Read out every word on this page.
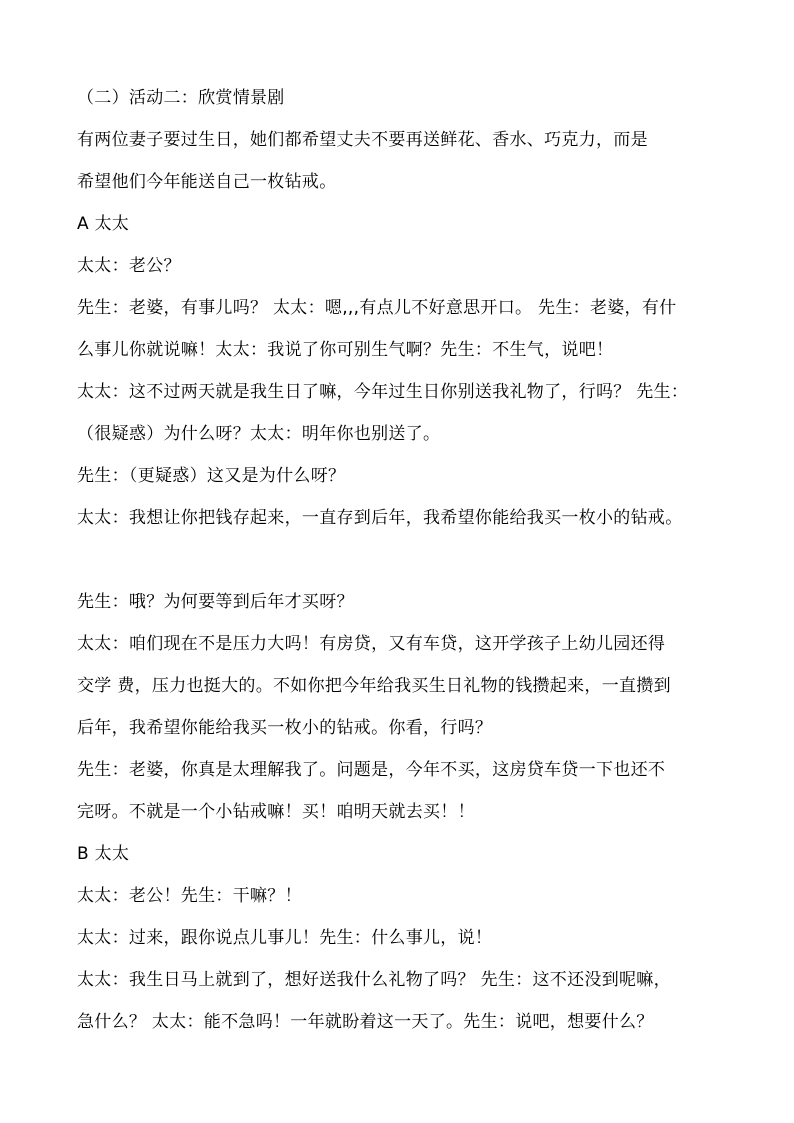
（二）活动二：欣赏情景剧
有两位妻子要过生日，她们都希望丈夫不要再送鲜花、香水、巧克力，而是
希望他们今年能送自己一枚钻戒。
A 太太
太太：老公？
先生：老婆，有事儿吗？ 太太：嗯,,,有点儿不好意思开口。 先生：老婆，有什
么事儿你就说嘛！太太：我说了你可别生气啊？先生：不生气，说吧！
太太：这不过两天就是我生日了嘛，今年过生日你别送我礼物了，行吗？ 先生：
（很疑惑）为什么呀？太太：明年你也别送了。
先生：（更疑惑）这又是为什么呀？
太太：我想让你把钱存起来，一直存到后年，我希望你能给我买一枚小的钻戒。
先生：哦？为何要等到后年才买呀？
太太：咱们现在不是压力大吗！有房贷，又有车贷，这开学孩子上幼儿园还得
交学 费，压力也挺大的。不如你把今年给我买生日礼物的钱攒起来，一直攒到
后年，我希望你能给我买一枚小的钻戒。你看，行吗？
先生：老婆，你真是太理解我了。问题是，今年不买，这房贷车贷一下也还不
完呀。不就是一个小钻戒嘛！买！咱明天就去买！！
B 太太
太太：老公！先生：干嘛？！
太太：过来，跟你说点儿事儿！先生：什么事儿，说！
太太：我生日马上就到了，想好送我什么礼物了吗？ 先生：这不还没到呢嘛，
急什么？ 太太：能不急吗！一年就盼着这一天了。先生：说吧，想要什么？
